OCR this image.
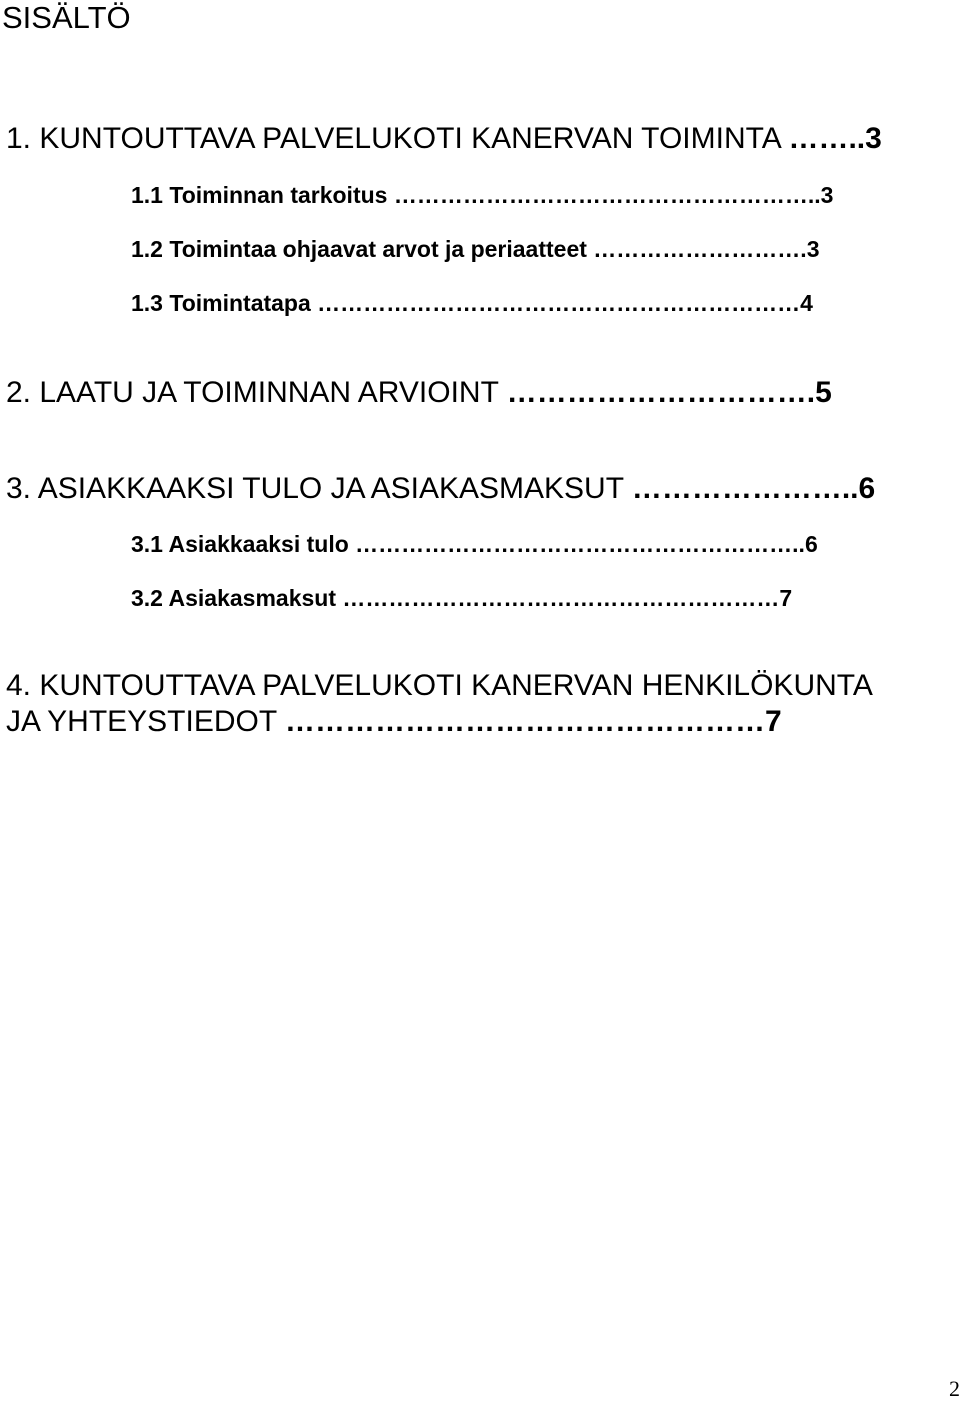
SISÄLTÖ

1. KUNTOUTTAVA PALVELUKOTI KANERVAN TOIMINTA ……..3

1.1 Toiminnan tarkoitus ………………………………………………..3

1.2 Toimintaa ohjaavat arvot ja periaatteet ……………………….3

1.3 Toimintatapa ………………………………………………………4

2. LAATU JA TOIMINNAN ARVIOINT ………………………….5

3. ASIAKKAAKSI TULO JA ASIAKASMAKSUT …………………..6

3.1 Asiakkaaksi tulo …………………………………………………..6

3.2 Asiakasmaksut …………………………………………………7

4. KUNTOUTTAVA PALVELUKOTI KANERVAN HENKILÖKUNTA

JA YHTEYSTIEDOT …………………………………………7

2
